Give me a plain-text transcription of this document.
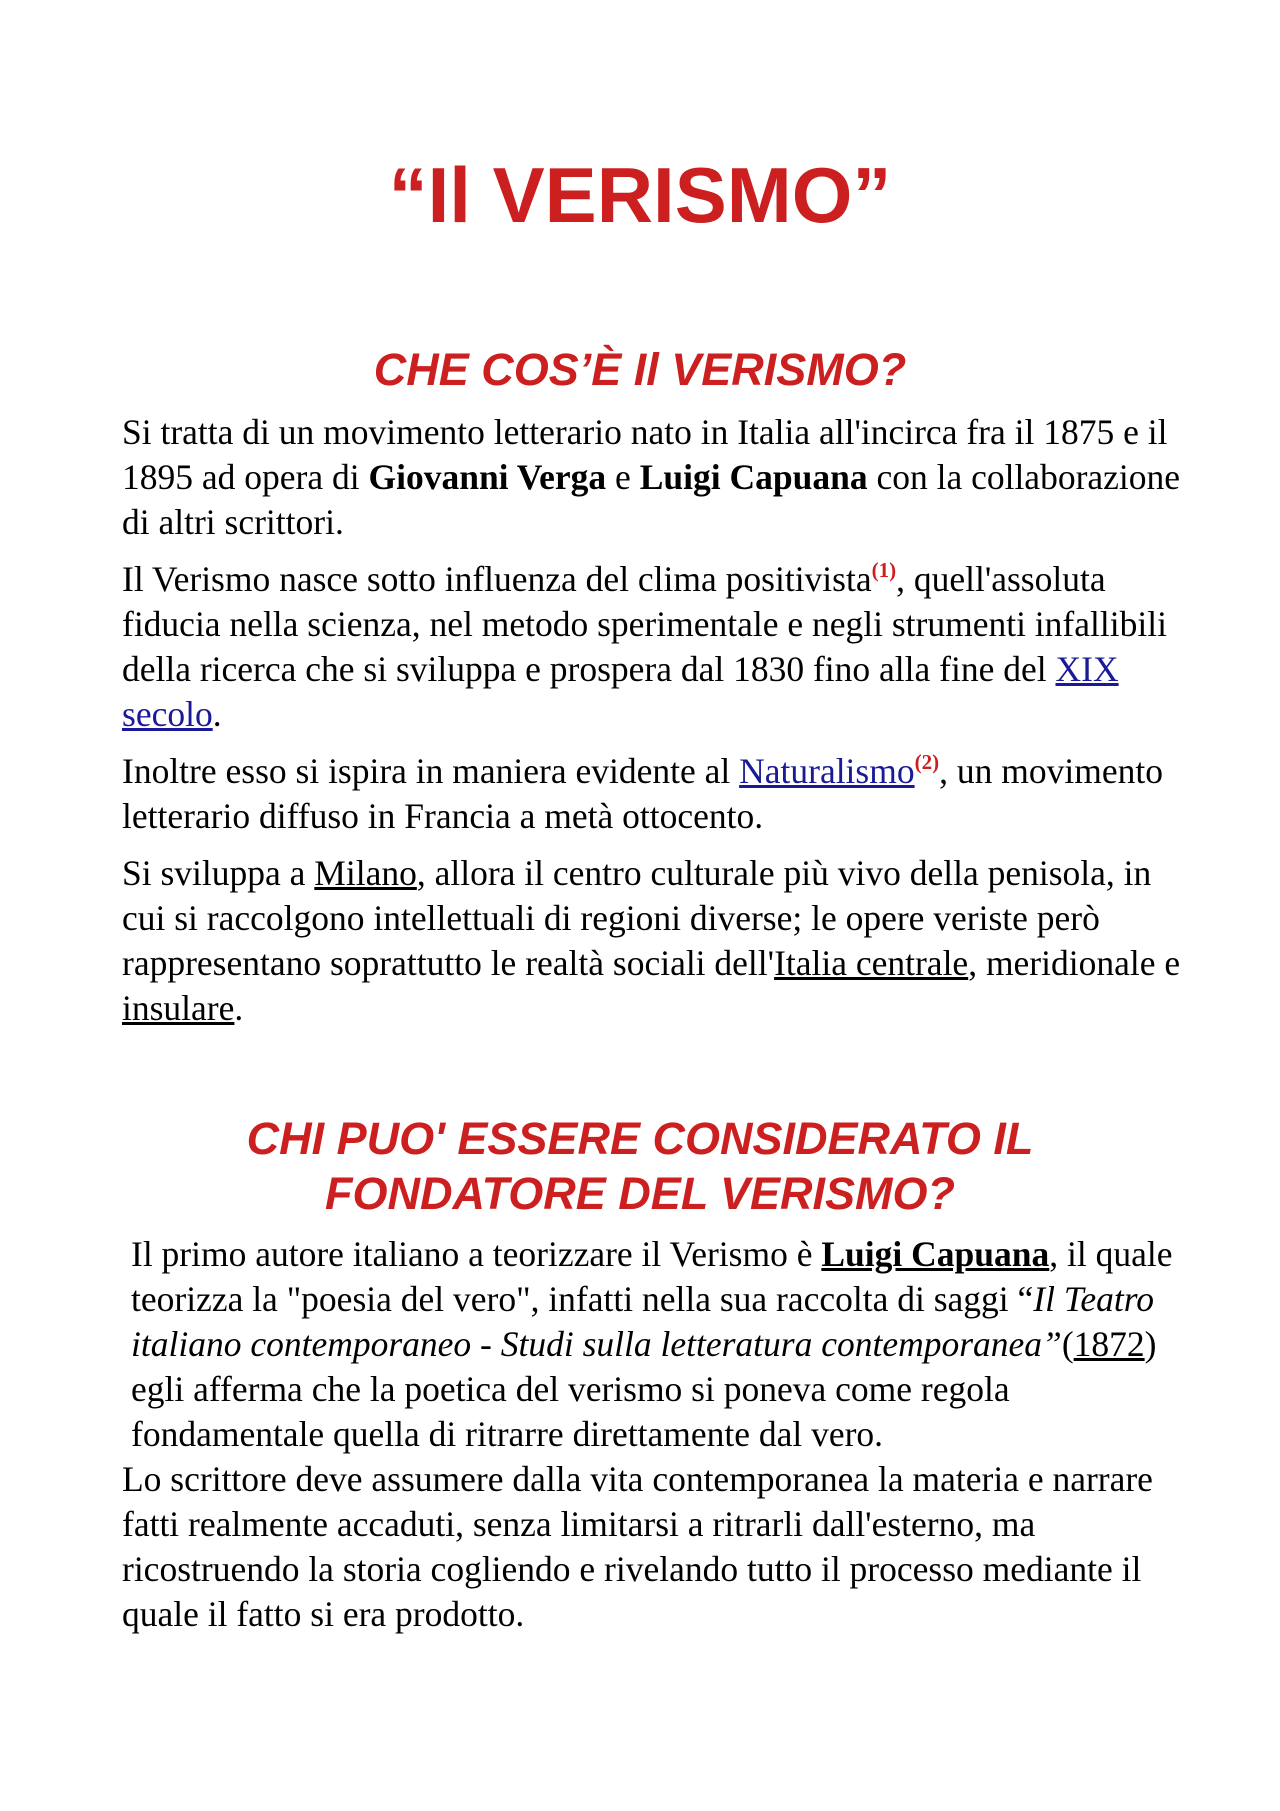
“Il VERISMO”
CHE COS’È Il VERISMO?

Si tratta di un movimento letterario nato in Italia all'incirca fra il 1875 e il 1895 ad opera di Giovanni Verga e Luigi Capuana con la collaborazione di altri scrittori.

Il Verismo nasce sotto influenza del clima positivista$^{(1)}$, quell'assoluta fiducia nella scienza, nel metodo sperimentale e negli strumenti infallibili della ricerca che si sviluppa e prospera dal 1830 fino alla fine del XIX secolo.

Inoltre esso si ispira in maniera evidente al Naturalismo$^{(2)}$, un movimento letterario diffuso in Francia a metà ottocento.

Si sviluppa a Milano, allora il centro culturale più vivo della penisola, in cui si raccolgono intellettuali di regioni diverse; le opere veriste però rappresentano soprattutto le realtà sociali dell'Italia centrale, meridionale e insulare.

CHI PUO' ESSERE CONSIDERATO IL
FONDATORE DEL VERISMO?

Il primo autore italiano a teorizzare il Verismo è Luigi Capuana, il quale teorizza la "poesia del vero", infatti nella sua raccolta di saggi “Il Teatro italiano contemporaneo - Studi sulla letteratura contemporanea”(1872) egli afferma che la poetica del verismo si poneva come regola fondamentale quella di ritrarre direttamente dal vero.

Lo scrittore deve assumere dalla vita contemporanea la materia e narrare fatti realmente accaduti, senza limitarsi a ritrarli dall'esterno, ma ricostruendo la storia cogliendo e rivelando tutto il processo mediante il quale il fatto si era prodotto.
